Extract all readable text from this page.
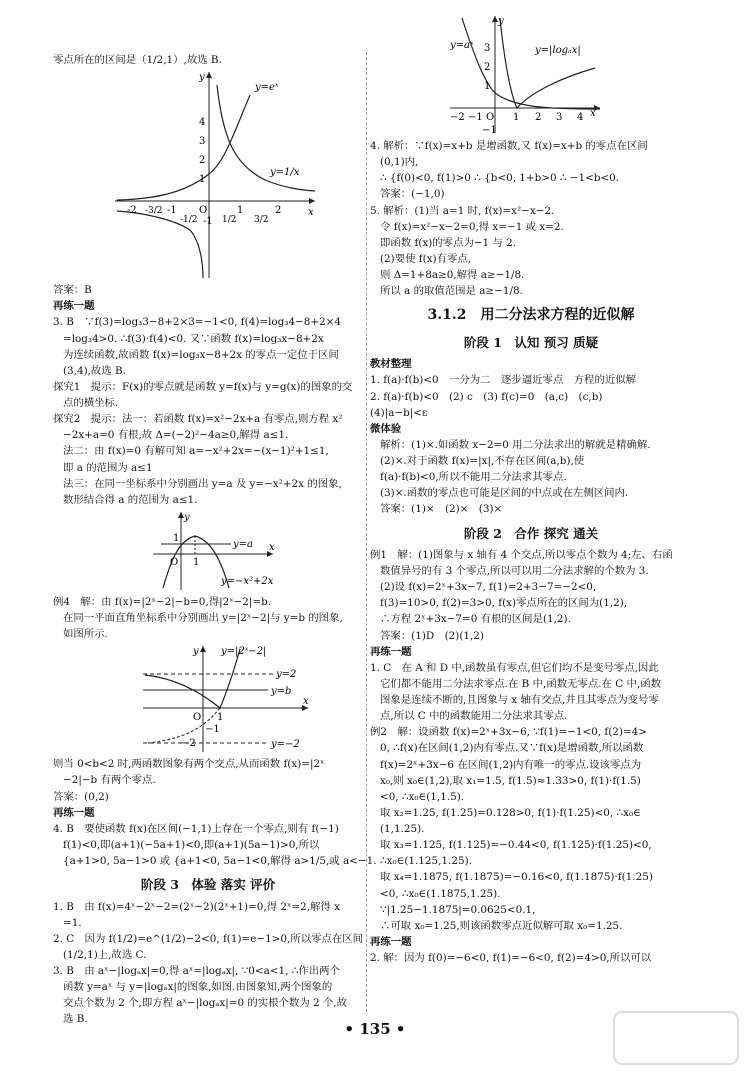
零点所在的区间是（1/2,1）,故选 B.
y=eˣ
y=1/x
y
x
O
4
3
2
1
-1
-2 -3/2 -1
-1/2	1/2
1
3/2
2
答案：B
再练一题
3. B　∵f(3)=log₃3−8+2×3=−1<0, f(4)=log₃4−8+2×4
=log₃4>0. ∴f(3)·f(4)<0. 又∵函数 f(x)=log₃x−8+2x
为连续函数,故函数 f(x)=log₃x−8+2x 的零点一定位于区间
(3,4),故选 B.
探究1　提示：F(x)的零点就是函数 y=f(x)与 y=g(x)的图象的交
点的横坐标.
探究2　提示：法一：若函数 f(x)=x²−2x+a 有零点,则方程 x²
−2x+a=0 有根,故 Δ=(−2)²−4a≥0,解得 a≤1.
法二：由 f(x)=0 有解可知 a=−x²+2x=−(x−1)²+1≤1,
即 a 的范围为 a≤1
法三：在同一坐标系中分别画出 y=a 及 y=−x²+2x 的图象,
数形结合得 a 的范围为 a≤1.
y
x
O
1
1
y=a
y=−x²+2x
例4　解：由 f(x)=|2ˣ−2|−b=0,得|2ˣ−2|=b.
在同一平面直角坐标系中分别画出 y=|2ˣ−2|与 y=b 的图象,
如图所示.
y y=|2ˣ−2|
y=2
y=b
O 1
x
−1
−2	y=−2
则当 0<b<2 时,两函数图象有两个交点,从而函数 f(x)=|2ˣ
−2|−b 有两个零点.
答案：(0,2)
再练一题
4. B　要使函数 f(x)在区间(−1,1)上存在一个零点,则有 f(−1)
f(1)<0,即(a+1)(−5a+1)<0,即(a+1)(5a−1)>0,所以
{a+1>0, 5a−1>0 或 {a+1<0, 5a−1<0,解得 a>1/5,或 a<−1.
阶段 3　体验 落实 评价
1. B　由 f(x)=4ˣ−2ˣ−2=(2ˣ−2)(2ˣ+1)=0,得 2ˣ=2,解得 x
=1.
2. C　因为 f(1/2)=e^(1/2)−2<0, f(1)=e−1>0,所以零点在区间
(1/2,1)上,故选 C.
3. B　由 aˣ−|logₐx|=0,得 aˣ=|logₐx|, ∵0<a<1, ∴作出两个
函数 y=aˣ 与 y=|logₐx|的图象,如图.由图象知,两个图象的
交点个数为 2 个,即方程 aˣ−|logₐx|=0 的实根个数为 2 个,故
选 B.
y=aˣ	y=|logₐx|
y
3
2
1
−2 −1 O 1 2 3 4 x
−1
4. 解析：∵f(x)=x+b 是增函数,又 f(x)=x+b 的零点在区间
(0,1)内,
∴ {f(0)<0, f(1)>0 ∴ {b<0, 1+b>0 ∴ −1<b<0.
答案：(−1,0)
5. 解析：(1)当 a=1 时, f(x)=x²−x−2.
令 f(x)=x²−x−2=0,得 x=−1 或 x=2.
即函数 f(x)的零点为−1 与 2.
(2)要使 f(x)有零点,
则 Δ=1+8a≥0,解得 a≥−1/8.
所以 a 的取值范围是 a≥−1/8.
3.1.2　用二分法求方程的近似解
阶段 1　认知 预习 质疑
教材整理
1. f(a)·f(b)<0　一分为二　逐步逼近零点　方程的近似解
2. f(a)·f(b)<0　(2) c　(3) f(c)=0　(a,c)　(c,b)
(4)|a−b|<ε
微体验
解析：(1)×.如函数 x−2=0 用二分法求出的解就是精确解.
(2)×.对于函数 f(x)=|x|,不存在区间(a,b),使
f(a)·f(b)<0,所以不能用二分法求其零点.
(3)×.函数的零点也可能是区间的中点或在左侧区间内.
答案：(1)×　(2)×　(3)×
阶段 2　合作 探究 通关
例1　解：(1)图象与 x 轴有 4 个交点,所以零点个数为 4;左、右函
数值异号的有 3 个零点,所以可以用二分法求解的个数为 3.
(2)设 f(x)=2ˣ+3x−7, f(1)=2+3−7=−2<0,
f(3)=10>0, f(2)=3>0, f(x)零点所在的区间为(1,2),
∴方程 2ˣ+3x−7=0 有根的区间是(1,2).
答案：(1)D　(2)(1,2)
再练一题
1. C　在 A 和 D 中,函数虽有零点,但它们均不是变号零点,因此
它们都不能用二分法求零点.在 B 中,函数无零点.在 C 中,函数
图象是连续不断的,且图象与 x 轴有交点,并且其零点为变号零
点,所以 C 中的函数能用二分法求其零点.
例2　解：设函数 f(x)=2ˣ+3x−6, ∵f(1)=−1<0, f(2)=4>
0, ∴f(x)在区间(1,2)内有零点.又∵f(x)是增函数,所以函数
f(x)=2ˣ+3x−6 在区间(1,2)内有唯一的零点.设该零点为
x₀,则 x₀∈(1,2),取 x₁=1.5, f(1.5)≈1.33>0, f(1)·f(1.5)
<0, ∴x₀∈(1,1.5).
取 x₂=1.25, f(1.25)=0.128>0, f(1)·f(1.25)<0, ∴x₀∈
(1,1.25).
取 x₃=1.125, f(1.125)=−0.44<0, f(1.125)·f(1.25)<0,
∴x₀∈(1.125,1.25).
取 x₄=1.1875, f(1.1875)=−0.16<0, f(1.1875)·f(1.25)
<0, ∴x₀∈(1.1875,1.25).
∵|1.25−1.1875|=0.0625<0.1,
∴可取 x₀=1.25,则该函数零点近似解可取 x₀=1.25.
再练一题
2. 解：因为 f(0)=−6<0, f(1)=−6<0, f(2)=4>0,所以可以
• 135 •
